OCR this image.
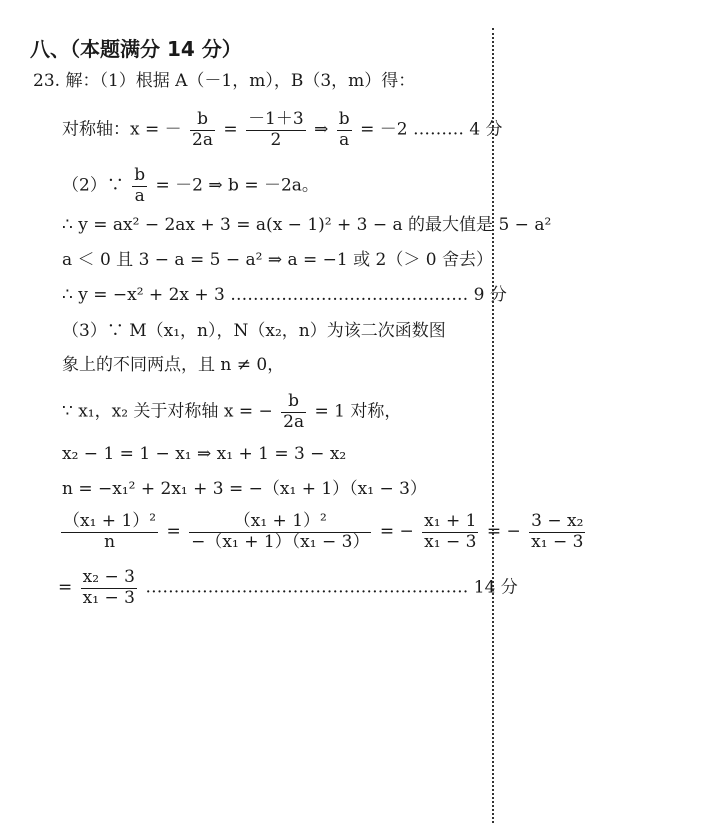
八、（本题满分 14 分）
23. 解：（1）根据 A（－1，m），B（3，m）得：
对称轴：x = － $\frac{b}{2a} = \frac{-1+3}{2}$ ⇒ $\frac{b}{a} = -2$ ……… 4 分
（2）∵ $\frac{b}{a} = -2$ ⇒ b = －2a。
∴ y = ax² − 2ax + 3 = a(x − 1)² + 3 − a 的最大值是 5 − a²
a ＜ 0 且 3 − a = 5 − a² ⇒ a = −1 或 2（＞ 0 舍去）
∴ y = −x² + 2x + 3 …………………………………… 9 分
（3）∵ M（x₁，n），N（x₂，n）为该二次函数图
象上的不同两点，且 n ≠ 0，
∵ x₁，x₂ 关于对称轴 x = − $\frac{b}{2a} = 1$ 对称，
x₂ − 1 = 1 − x₁ ⇒ x₁ + 1 = 3 − x₂
n = −x₁² + 2x₁ + 3 = −（x₁ + 1）（x₁ − 3）
$\frac{\text{（x₁ + 1）²}}{n} = \frac{\text{（x₁ + 1）²}}{\text{−（x₁ + 1）（x₁ − 3）}}$ = − $\frac{\text{x₁ + 1}}{\text{x₁ − 3}}$ = − $\frac{\text{3 − x₂}}{\text{x₁ − 3}}$
= $\frac{\text{x₂ − 3}}{\text{x₁ − 3}}$ ………………………………………………… 14 分
